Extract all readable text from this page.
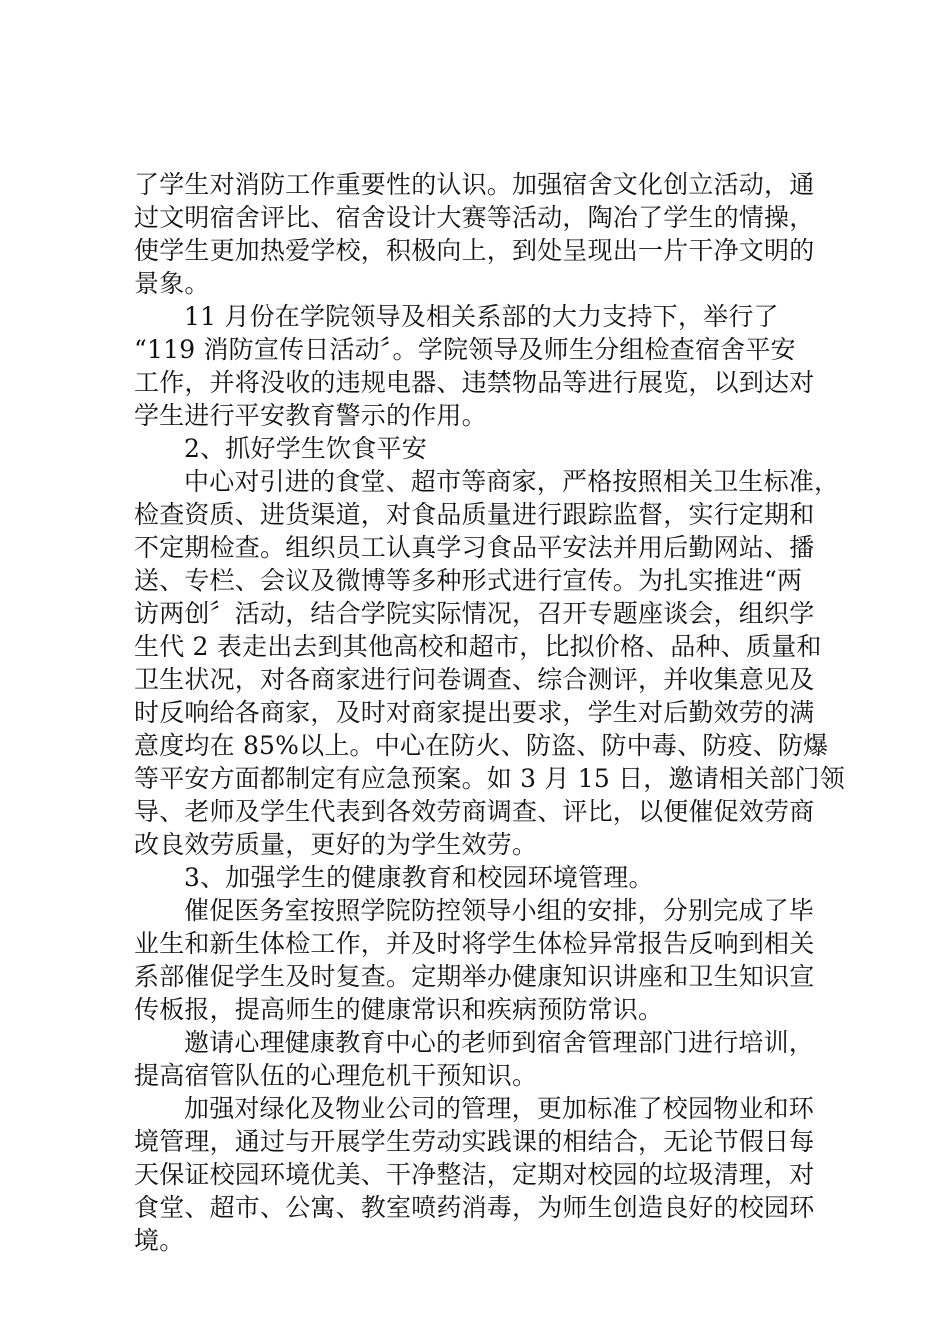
了学生对消防工作重要性的认识。加强宿舍文化创立活动，通

过文明宿舍评比、宿舍设计大赛等活动，陶冶了学生的情操，

使学生更加热爱学校，积极向上，到处呈现出一片干净文明的

景象。

11 月份在学院领导及相关系部的大力支持下，举行了

“119 消防宣传日活动〞。学院领导及师生分组检查宿舍平安

工作，并将没收的违规电器、违禁物品等进行展览，以到达对

学生进行平安教育警示的作用。

2、抓好学生饮食平安

中心对引进的食堂、超市等商家，严格按照相关卫生标准，

检查资质、进货渠道，对食品质量进行跟踪监督，实行定期和

不定期检查。组织员工认真学习食品平安法并用后勤网站、播

送、专栏、会议及微博等多种形式进行宣传。为扎实推进“两

访两创〞活动，结合学院实际情况，召开专题座谈会，组织学

生代 2 表走出去到其他高校和超市，比拟价格、品种、质量和

卫生状况，对各商家进行问卷调查、综合测评，并收集意见及

时反响给各商家，及时对商家提出要求，学生对后勤效劳的满

意度均在 85%以上。中心在防火、防盗、防中毒、防疫、防爆

等平安方面都制定有应急预案。如 3 月 15 日，邀请相关部门领

导、老师及学生代表到各效劳商调查、评比，以便催促效劳商

改良效劳质量，更好的为学生效劳。

3、加强学生的健康教育和校园环境管理。

催促医务室按照学院防控领导小组的安排，分别完成了毕

业生和新生体检工作，并及时将学生体检异常报告反响到相关

系部催促学生及时复查。定期举办健康知识讲座和卫生知识宣

传板报，提高师生的健康常识和疾病预防常识。

邀请心理健康教育中心的老师到宿舍管理部门进行培训，

提高宿管队伍的心理危机干预知识。

加强对绿化及物业公司的管理，更加标准了校园物业和环

境管理，通过与开展学生劳动实践课的相结合，无论节假日每

天保证校园环境优美、干净整洁，定期对校园的垃圾清理，对

食堂、超市、公寓、教室喷药消毒，为师生创造良好的校园环

境。
